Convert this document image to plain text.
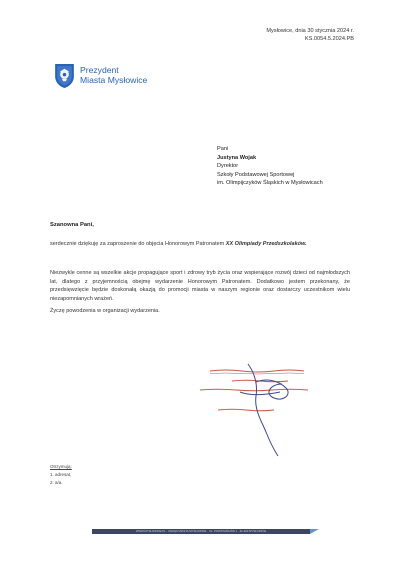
Mysłowice, dnia 30 stycznia 2024 r.
KS.0054.5.2024.PB
Prezydent
Miasta Mysłowice
Pani
Justyna Wojak
Dyrektor
Szkoły Podstawowej Sportowej
im. Olimpijczyków Śląskich w Mysłowicach
Szanowna Pani,
serdecznie dziękuję za zaproszenie do objęcia Honorowym Patronatem XX Olimpiady Przedszkolaków.
Niezwykle cenne są wszelkie akcje propagujące sport i zdrowy tryb życia oraz wspierające rozwój dzieci od najmłodszych lat, dlatego z przyjemnością obejmę wydarzenie Honorowym Patronatem. Dodatkowo jestem przekonany, że przedsięwzięcie będzie doskonałą okazją do promocji miasta w naszym regionie oraz dostarczy uczestnikom wielu niezapomnianych wrażeń.
Życzę powodzenia w organizacji wydarzenia.
Otrzymują:
1. adresat,
2. a/a.
WWW.MYSLOWICE.PL · URZĄD MIASTA MYSŁOWICE · UL. POWSTAŃCÓW 1 · 41-400 MYSŁOWICE
